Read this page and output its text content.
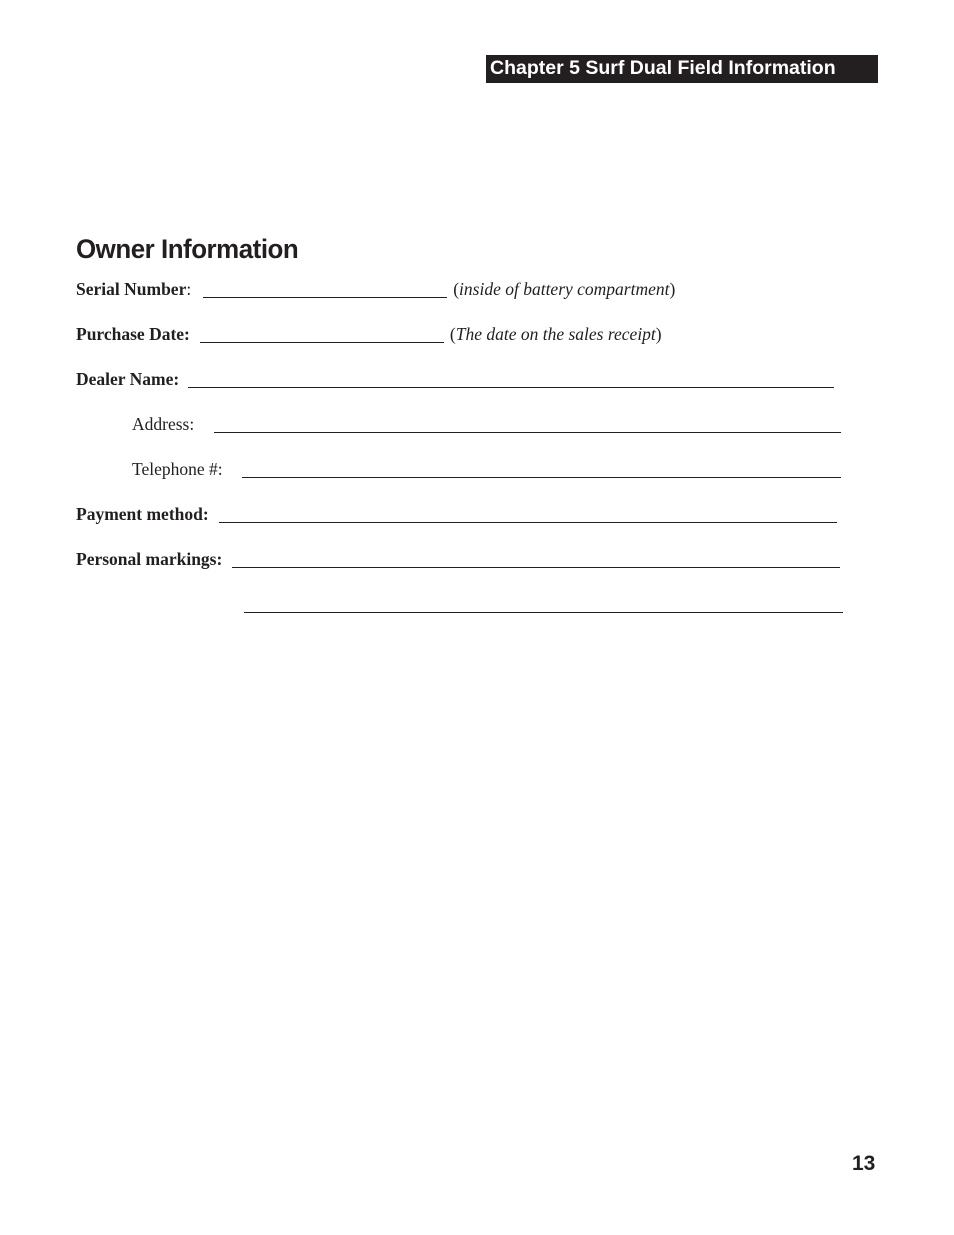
Chapter 5 Surf Dual Field Information
Owner Information
Serial Number :	(inside of battery compartment)
Purchase Date:	(The date on the sales receipt)
Dealer Name:
Address:
Telephone #:
Payment method:
Personal markings:
13
